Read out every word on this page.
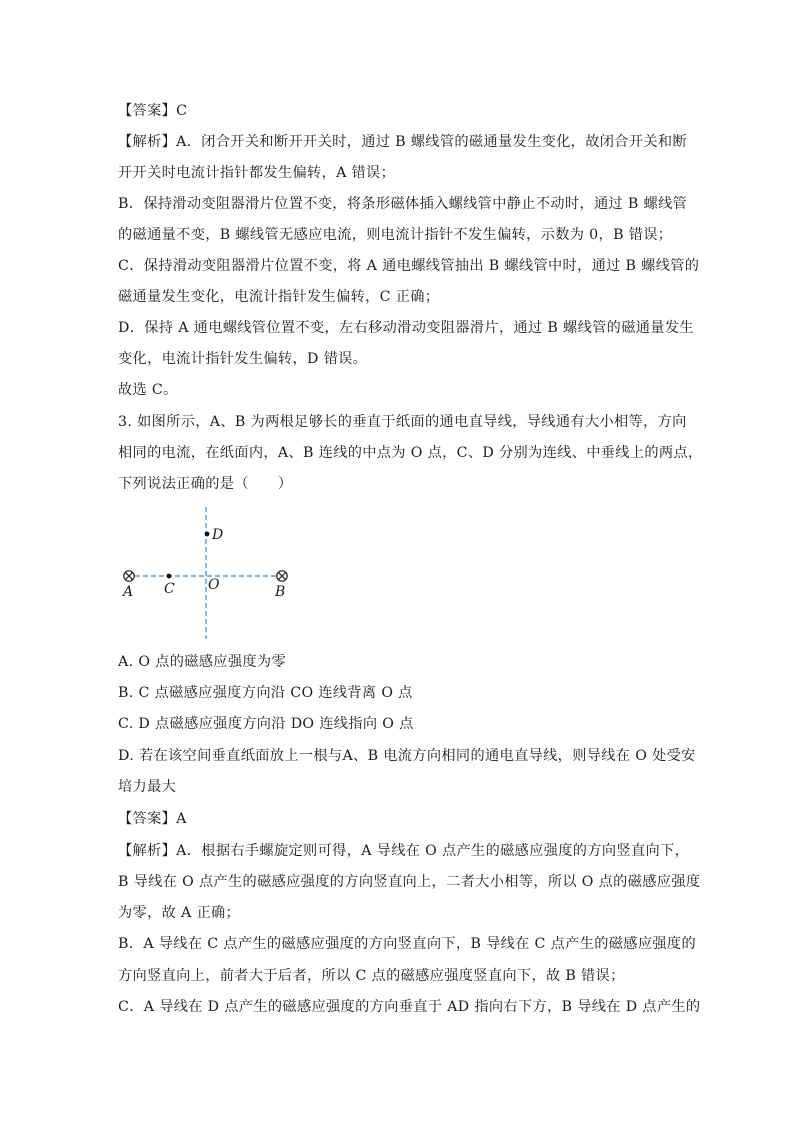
【答案】C
【解析】A．闭合开关和断开开关时，通过 B 螺线管的磁通量发生变化，故闭合开关和断
开开关时电流计指针都发生偏转，A 错误；
B．保持滑动变阻器滑片位置不变，将条形磁体插入螺线管中静止不动时，通过 B 螺线管
的磁通量不变，B 螺线管无感应电流，则电流计指针不发生偏转，示数为 0，B 错误；
C．保持滑动变阻器滑片位置不变，将 A 通电螺线管抽出 B 螺线管中时，通过 B 螺线管的
磁通量发生变化，电流计指针发生偏转，C 正确；
D．保持 A 通电螺线管位置不变，左右移动滑动变阻器滑片，通过 B 螺线管的磁通量发生
变化，电流计指针发生偏转，D 错误。
故选 C。
3. 如图所示，A、B 为两根足够长的垂直于纸面的通电直导线，导线通有大小相等，方向
相同的电流，在纸面内，A、B 连线的中点为 O 点，C、D 分别为连线、中垂线上的两点，
下列说法正确的是（　　）
A C O	B
D
A. O 点的磁感应强度为零
B. C 点磁感应强度方向沿 CO 连线背离 O 点
C. D 点磁感应强度方向沿 DO 连线指向 O 点
D. 若在该空间垂直纸面放上一根与A、B 电流方向相同的通电直导线，则导线在 O 处受安
培力最大
【答案】A
【解析】A．根据右手螺旋定则可得，A 导线在 O 点产生的磁感应强度的方向竖直向下，
B 导线在 O 点产生的磁感应强度的方向竖直向上，二者大小相等，所以 O 点的磁感应强度
为零，故 A 正确；
B．A 导线在 C 点产生的磁感应强度的方向竖直向下，B 导线在 C 点产生的磁感应强度的
方向竖直向上，前者大于后者，所以 C 点的磁感应强度竖直向下，故 B 错误；
C．A 导线在 D 点产生的磁感应强度的方向垂直于 AD 指向右下方，B 导线在 D 点产生的
